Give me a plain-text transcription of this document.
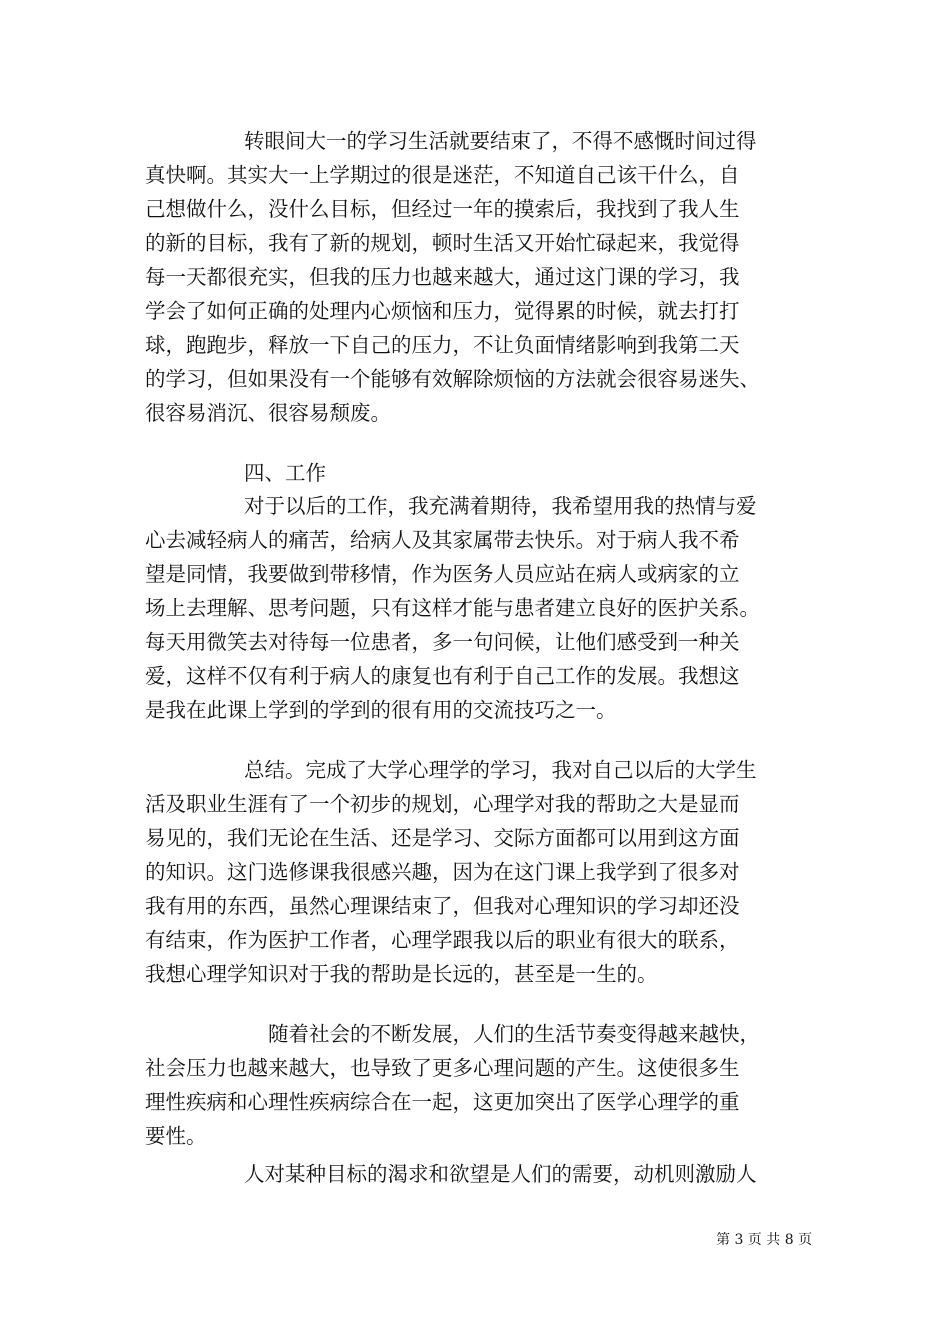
转眼间大一的学习生活就要结束了，不得不感慨时间过得
真快啊。其实大一上学期过的很是迷茫，不知道自己该干什么，自
己想做什么，没什么目标，但经过一年的摸索后，我找到了我人生
的新的目标，我有了新的规划，顿时生活又开始忙碌起来，我觉得
每一天都很充实，但我的压力也越来越大，通过这门课的学习，我
学会了如何正确的处理内心烦恼和压力，觉得累的时候，就去打打
球，跑跑步，释放一下自己的压力，不让负面情绪影响到我第二天
的学习，但如果没有一个能够有效解除烦恼的方法就会很容易迷失、
很容易消沉、很容易颓废。
四、工作
对于以后的工作，我充满着期待，我希望用我的热情与爱
心去减轻病人的痛苦，给病人及其家属带去快乐。对于病人我不希
望是同情，我要做到带移情，作为医务人员应站在病人或病家的立
场上去理解、思考问题，只有这样才能与患者建立良好的医护关系。
每天用微笑去对待每一位患者，多一句问候，让他们感受到一种关
爱，这样不仅有利于病人的康复也有利于自己工作的发展。我想这
是我在此课上学到的学到的很有用的交流技巧之一。
总结。完成了大学心理学的学习，我对自己以后的大学生
活及职业生涯有了一个初步的规划，心理学对我的帮助之大是显而
易见的，我们无论在生活、还是学习、交际方面都可以用到这方面
的知识。这门选修课我很感兴趣，因为在这门课上我学到了很多对
我有用的东西，虽然心理课结束了，但我对心理知识的学习却还没
有结束，作为医护工作者，心理学跟我以后的职业有很大的联系，
我想心理学知识对于我的帮助是长远的，甚至是一生的。
随着社会的不断发展，人们的生活节奏变得越来越快，
社会压力也越来越大，也导致了更多心理问题的产生。这使很多生
理性疾病和心理性疾病综合在一起，这更加突出了医学心理学的重
要性。
人对某种目标的渴求和欲望是人们的需要，动机则激励人
第 3 页 共 8 页
